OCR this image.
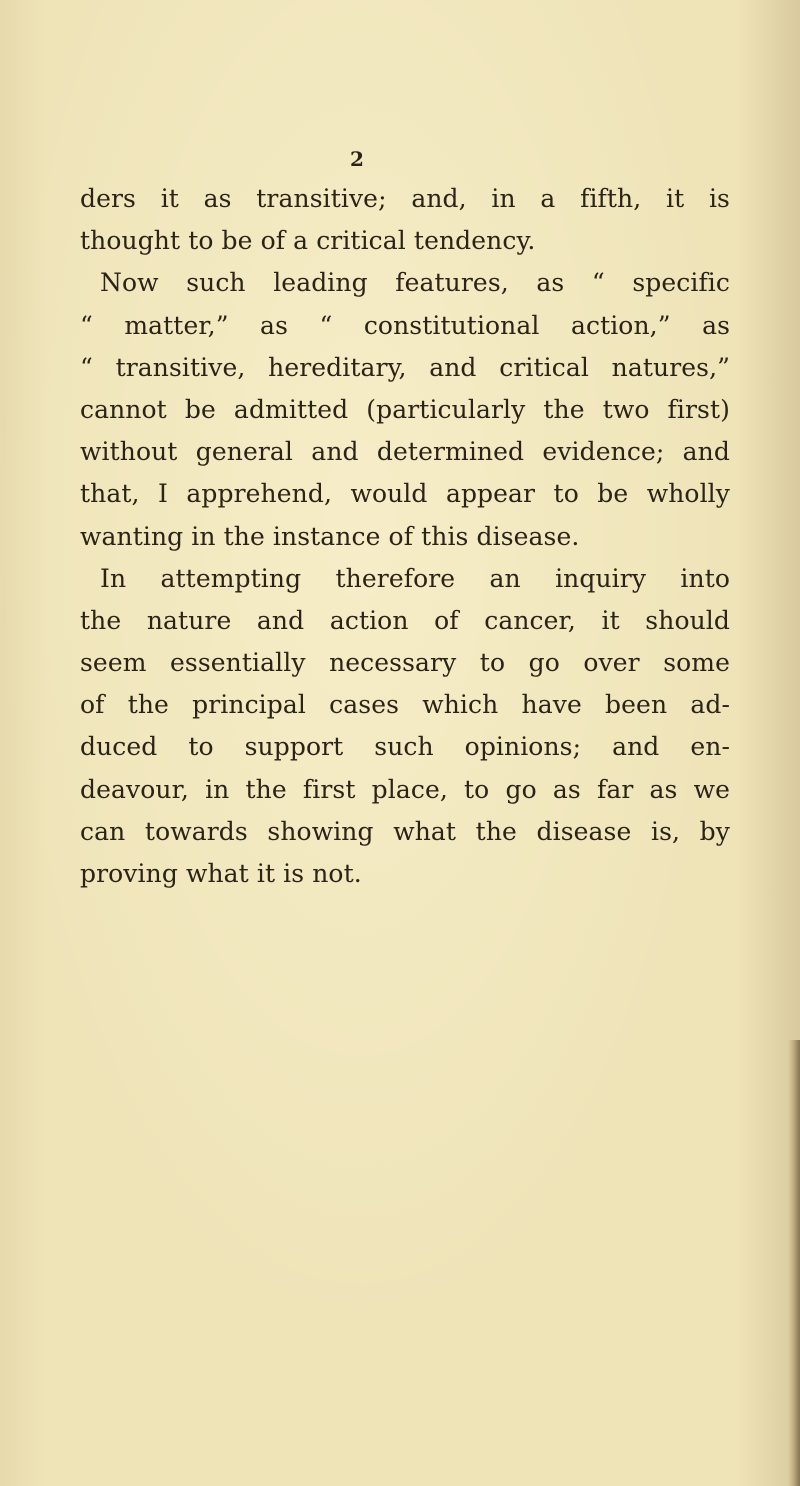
2
ders it as transitive; and, in a fifth, it is
thought to be of a critical tendency.
Now such leading features, as “ specific
“ matter,” as “ constitutional action,” as
“ transitive, hereditary, and critical natures,”
cannot be admitted (particularly the two first)
without general and determined evidence; and
that, I apprehend, would appear to be wholly
wanting in the instance of this disease.
In attempting therefore an inquiry into
the nature and action of cancer, it should
seem essentially necessary to go over some
of the principal cases which have been ad-
duced to support such opinions; and en-
deavour, in the first place, to go as far as we
can towards showing what the disease is, by
proving what it is not.
